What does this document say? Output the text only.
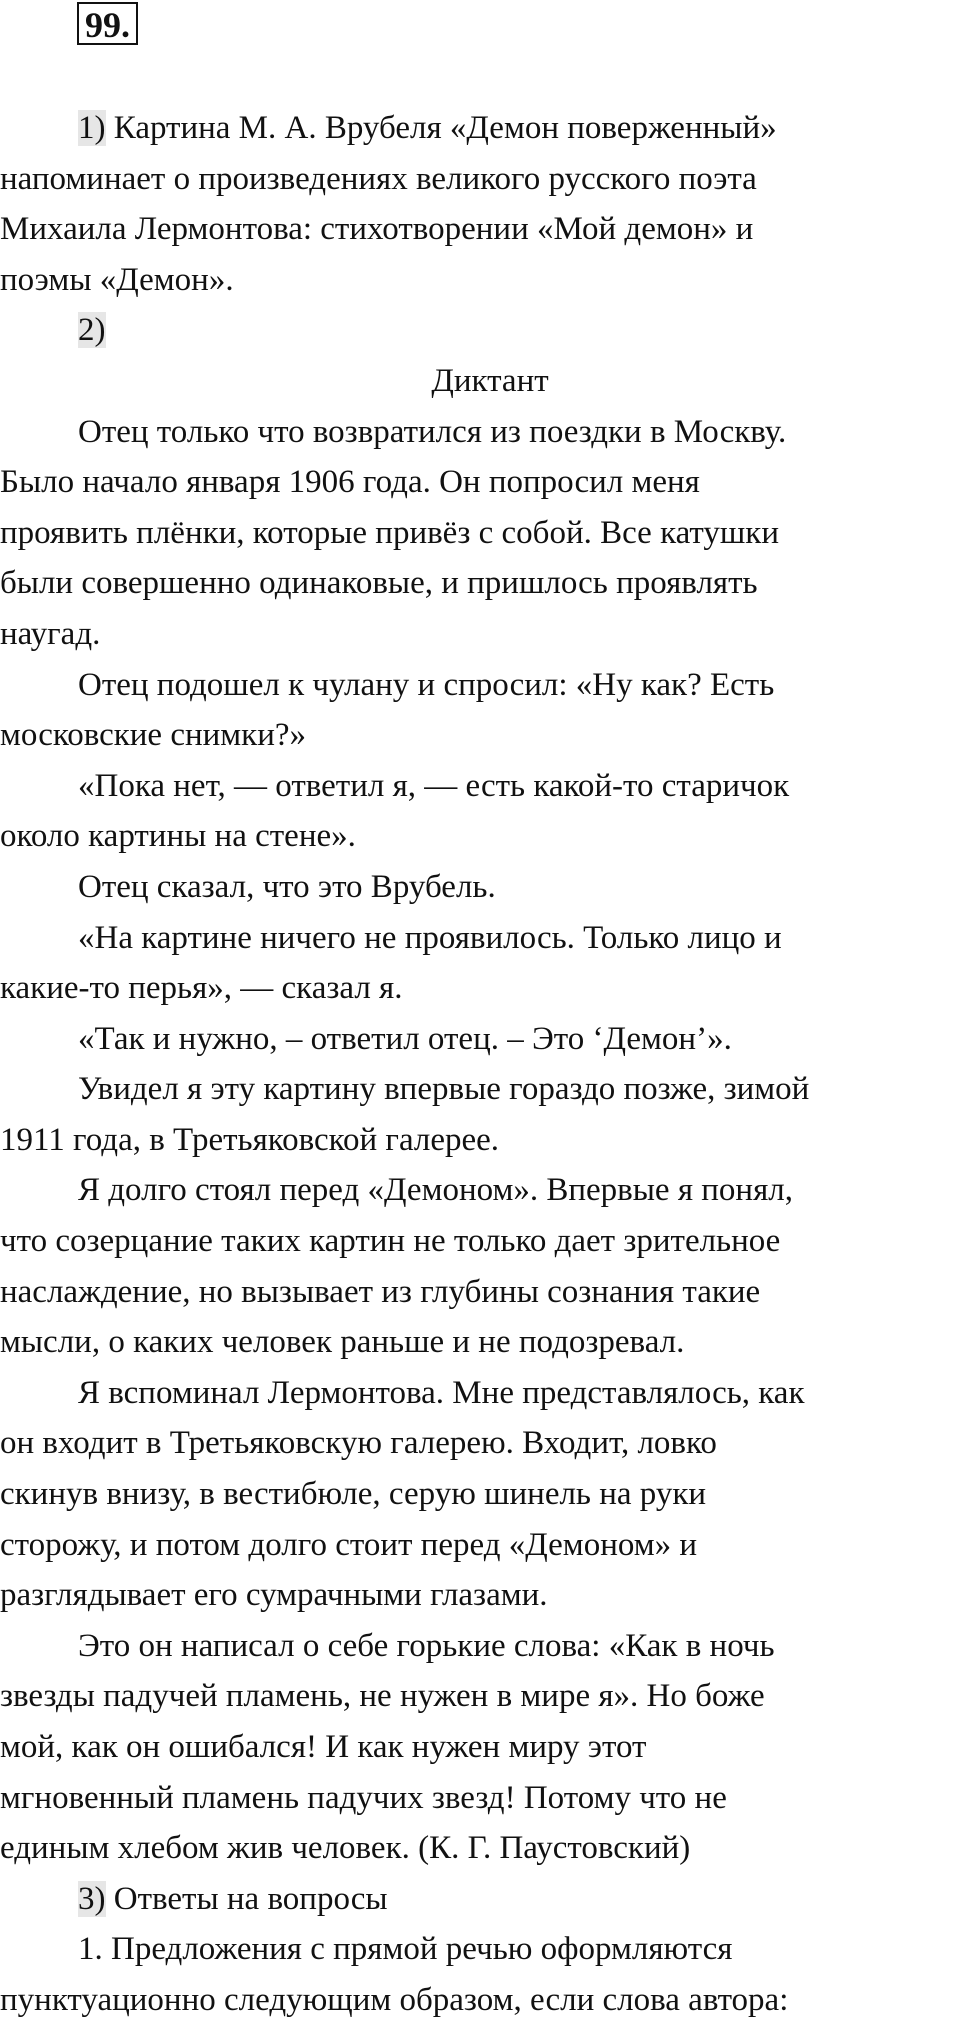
99.
1) Картина М. А. Врубеля «Демон поверженный»
напоминает о произведениях великого русского поэта
Михаила Лермонтова: стихотворении «Мой демон» и
поэмы «Демон».
2)
Диктант
Отец только что возвратился из поездки в Москву.
Было начало января 1906 года. Он попросил меня
проявить плёнки, которые привёз с собой. Все катушки
были совершенно одинаковые, и пришлось проявлять
наугад.
Отец подошел к чулану и спросил: «Ну как? Есть
московские снимки?»
«Пока нет, — ответил я, — есть какой-то старичок
около картины на стене».
Отец сказал, что это Врубель.
«На картине ничего не проявилось. Только лицо и
какие-то перья», — сказал я.
«Так и нужно, – ответил отец. – Это ‘Демон’».
Увидел я эту картину впервые гораздо позже, зимой
1911 года, в Третьяковской галерее.
Я долго стоял перед «Демоном». Впервые я понял,
что созерцание таких картин не только дает зрительное
наслаждение, но вызывает из глубины сознания такие
мысли, о каких человек раньше и не подозревал.
Я вспоминал Лермонтова. Мне представлялось, как
он входит в Третьяковскую галерею. Входит, ловко
скинув внизу, в вестибюле, серую шинель на руки
сторожу, и потом долго стоит перед «Демоном» и
разглядывает его сумрачными глазами.
Это он написал о себе горькие слова: «Как в ночь
звезды падучей пламень, не нужен в мире я». Но боже
мой, как он ошибался! И как нужен миру этот
мгновенный пламень падучих звезд! Потому что не
единым хлебом жив человек. (К. Г. Паустовский)
3) Ответы на вопросы
1. Предложения с прямой речью оформляются
пунктуационно следующим образом, если слова автора:
